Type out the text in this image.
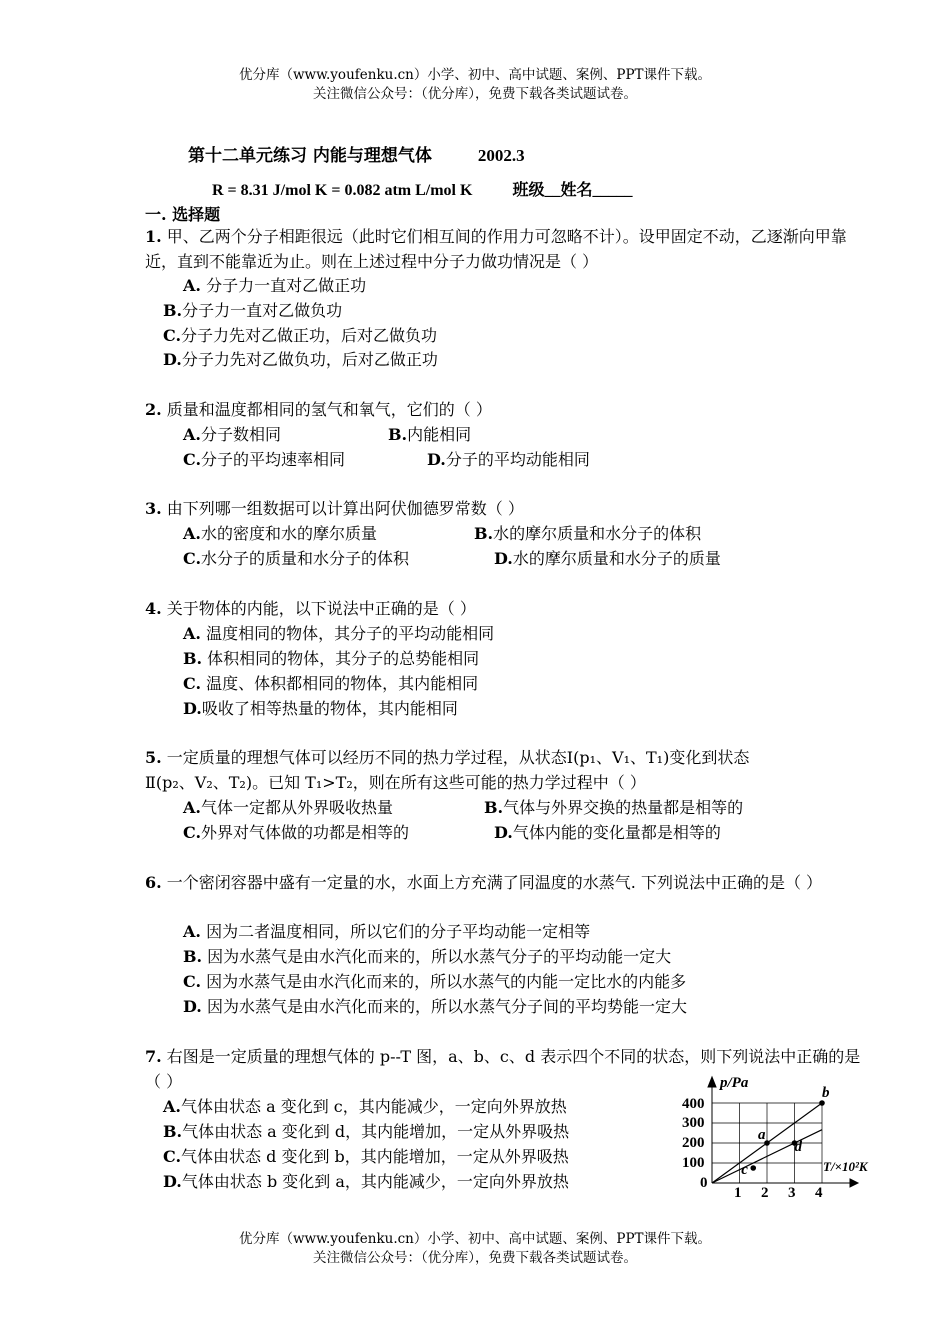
优分库（www.youfenku.cn）小学、初中、高中试题、案例、PPT课件下载。
关注微信公众号：（优分库），免费下载各类试题试卷。
第十二单元练习 内能与理想气体	2002.3
R = 8.31 J/mol K = 0.082 atm L/mol K	班级__姓名_____
一. 选择题
1. 甲、乙两个分子相距很远（此时它们相互间的作用力可忽略不计）。设甲固定不动，乙逐渐向甲靠近，直到不能靠近为止。则在上述过程中分子力做功情况是（ ）
A. 分子力一直对乙做正功
B.分子力一直对乙做负功
C.分子力先对乙做正功，后对乙做负功
D.分子力先对乙做负功，后对乙做正功
2. 质量和温度都相同的氢气和氧气，它们的（ ）
A.分子数相同	B.内能相同
C.分子的平均速率相同	D.分子的平均动能相同
3. 由下列哪一组数据可以计算出阿伏伽德罗常数（ ）
A.水的密度和水的摩尔质量	B.水的摩尔质量和水分子的体积
C.水分子的质量和水分子的体积	D.水的摩尔质量和水分子的质量
4. 关于物体的内能，以下说法中正确的是（ ）
A. 温度相同的物体，其分子的平均动能相同
B. 体积相同的物体，其分子的总势能相同
C. 温度、体积都相同的物体，其内能相同
D.吸收了相等热量的物体，其内能相同
5. 一定质量的理想气体可以经历不同的热力学过程，从状态Ⅰ(p₁、V₁、T₁)变化到状态
Ⅱ(p₂、V₂、T₂)。已知 T₁>T₂，则在所有这些可能的热力学过程中（ ）
A.气体一定都从外界吸收热量	B.气体与外界交换的热量都是相等的
C.外界对气体做的功都是相等的	D.气体内能的变化量都是相等的
6. 一个密闭容器中盛有一定量的水，水面上方充满了同温度的水蒸气. 下列说法中正确的是（ ）
A. 因为二者温度相同，所以它们的分子平均动能一定相等
B. 因为水蒸气是由水汽化而来的，所以水蒸气分子的平均动能一定大
C. 因为水蒸气是由水汽化而来的，所以水蒸气的内能一定比水的内能多
D. 因为水蒸气是由水汽化而来的，所以水蒸气分子间的平均势能一定大
7. 右图是一定质量的理想气体的 p--T 图，a、b、c、d 表示四个不同的状态，则下列说法中正确的是（ ）
A.气体由状态 a 变化到 c，其内能减少，一定向外界放热
B.气体由状态 a 变化到 d，其内能增加，一定从外界吸热
C.气体由状态 d 变化到 b，其内能增加，一定从外界吸热
D.气体由状态 b 变化到 a，其内能减少，一定向外界放热
a
b
c
d
p/Pa
T/×10²K
400
300
200
100
0
1 2 3 4
优分库（www.youfenku.cn）小学、初中、高中试题、案例、PPT课件下载。
关注微信公众号：（优分库），免费下载各类试题试卷。
